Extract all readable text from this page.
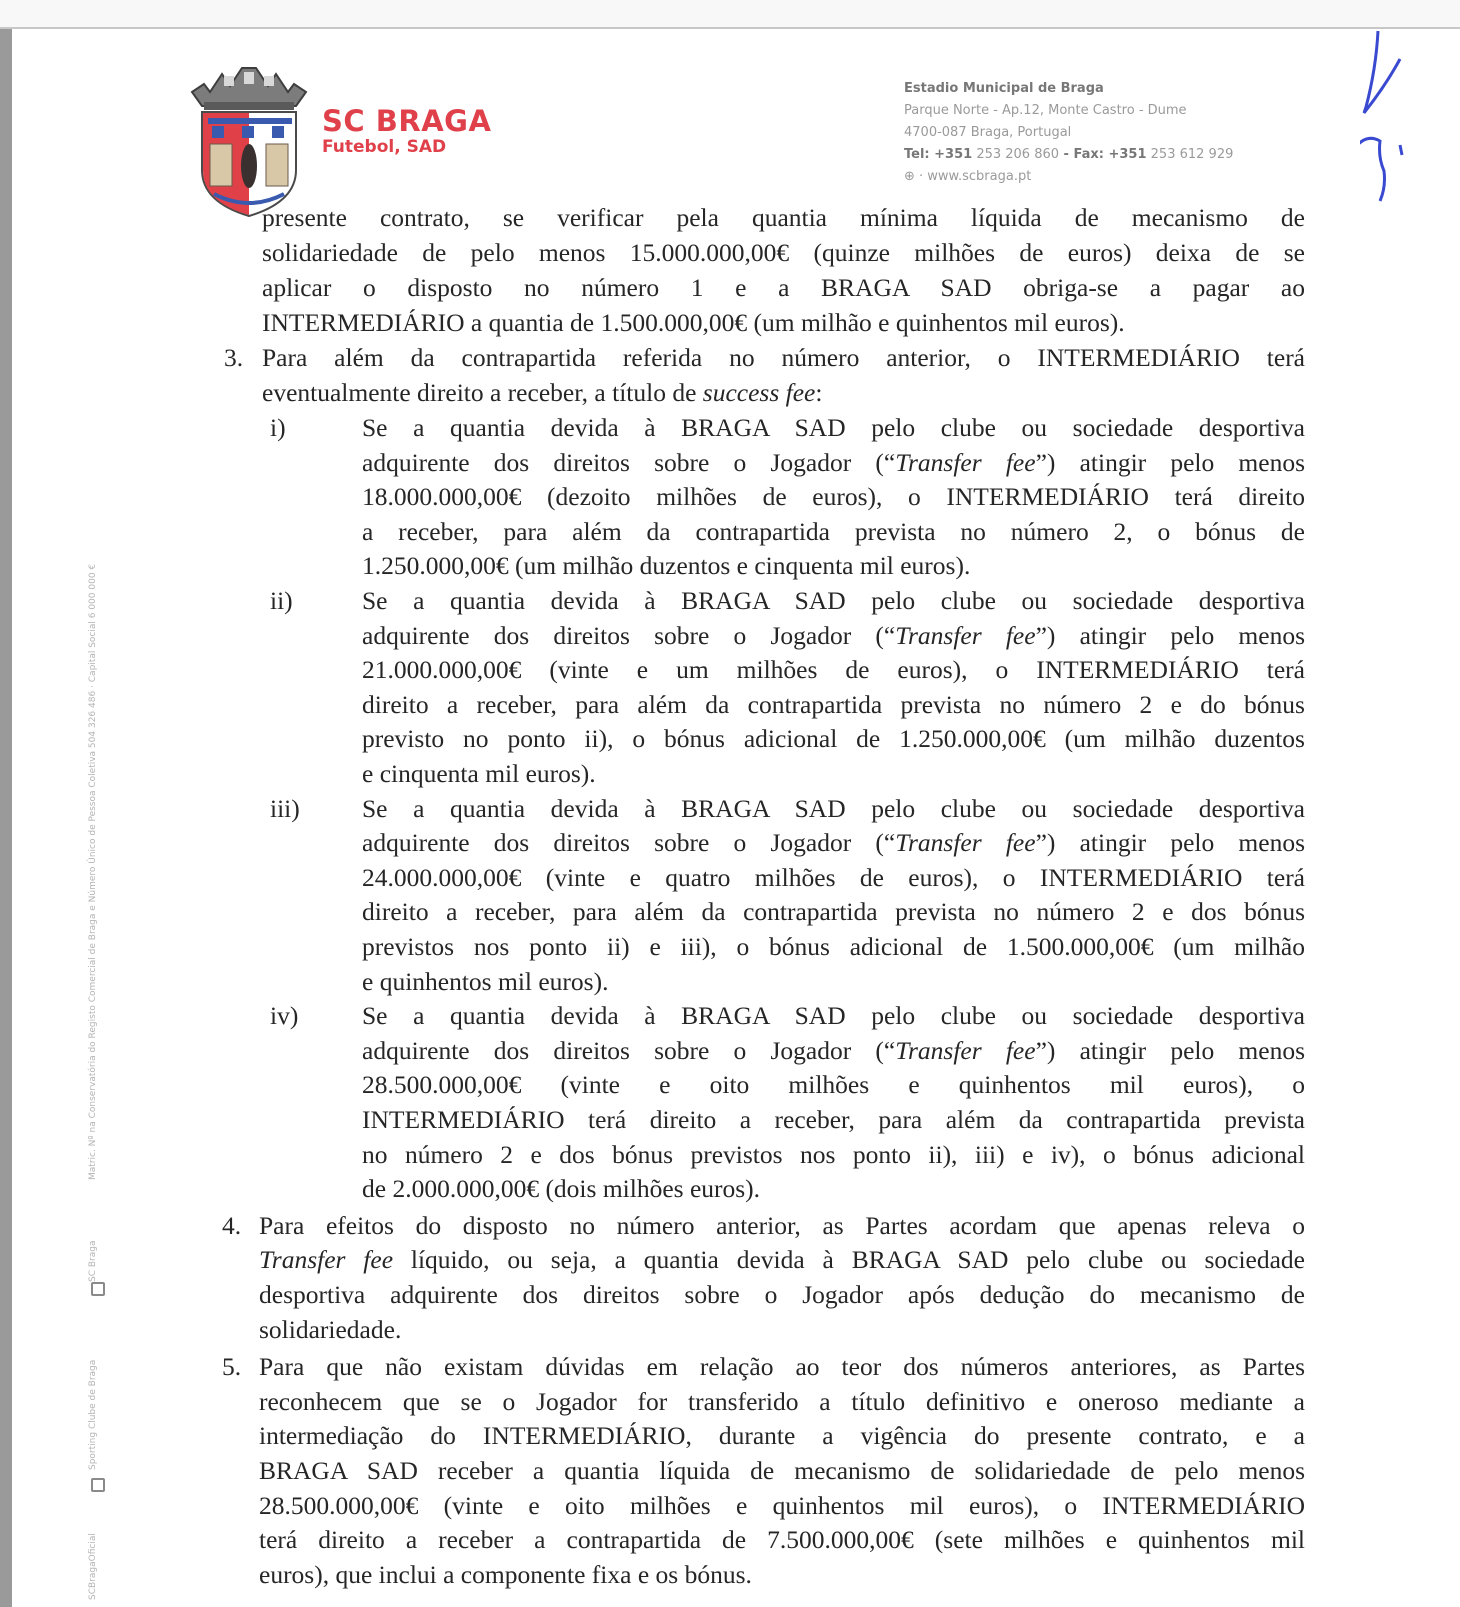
SC BRAGA
Futebol, SAD
Estadio Municipal de Braga
Parque Norte - Ap.12, Monte Castro - Dume
4700-087 Braga, Portugal
Tel: +351 253 206 860 - Fax: +351 253 612 929
⊕ · www.scbraga.pt
Matric. Nº na Conservatória do Registo Comercial de Braga e Número Único de Pessoa Coletiva 504 326 486 · Capital Social 6 000 000 €
SC Braga
Sporting Clube de Braga
SCBragaOficial
presente contrato, se verificar pela quantia mínima líquida de mecanismo de
solidariedade de pelo menos 15.000.000,00€ (quinze milhões de euros) deixa de se
aplicar o disposto no número 1 e a BRAGA SAD obriga-se a pagar ao
INTERMEDIÁRIO a quantia de 1.500.000,00€ (um milhão e quinhentos mil euros).
3. Para além da contrapartida referida no número anterior, o INTERMEDIÁRIO terá
eventualmente direito a receber, a título de success fee:
i)	Se a quantia devida à BRAGA SAD pelo clube ou sociedade desportiva
adquirente dos direitos sobre o Jogador (“Transfer fee”) atingir pelo menos
18.000.000,00€ (dezoito milhões de euros), o INTERMEDIÁRIO terá direito
a receber, para além da contrapartida prevista no número 2, o bónus de
1.250.000,00€ (um milhão duzentos e cinquenta mil euros).
ii)	Se a quantia devida à BRAGA SAD pelo clube ou sociedade desportiva
adquirente dos direitos sobre o Jogador (“Transfer fee”) atingir pelo menos
21.000.000,00€ (vinte e um milhões de euros), o INTERMEDIÁRIO terá
direito a receber, para além da contrapartida prevista no número 2 e do bónus
previsto no ponto ii), o bónus adicional de 1.250.000,00€ (um milhão duzentos
e cinquenta mil euros).
iii) Se a quantia devida à BRAGA SAD pelo clube ou sociedade desportiva
adquirente dos direitos sobre o Jogador (“Transfer fee”) atingir pelo menos
24.000.000,00€ (vinte e quatro milhões de euros), o INTERMEDIÁRIO terá
direito a receber, para além da contrapartida prevista no número 2 e dos bónus
previstos nos ponto ii) e iii), o bónus adicional de 1.500.000,00€ (um milhão
e quinhentos mil euros).
iv) Se a quantia devida à BRAGA SAD pelo clube ou sociedade desportiva
adquirente dos direitos sobre o Jogador (“Transfer fee”) atingir pelo menos
28.500.000,00€ (vinte e oito milhões e quinhentos mil euros), o
INTERMEDIÁRIO terá direito a receber, para além da contrapartida prevista
no número 2 e dos bónus previstos nos ponto ii), iii) e iv), o bónus adicional
de 2.000.000,00€ (dois milhões euros).
4. Para efeitos do disposto no número anterior, as Partes acordam que apenas releva o
Transfer fee líquido, ou seja, a quantia devida à BRAGA SAD pelo clube ou sociedade
desportiva adquirente dos direitos sobre o Jogador após dedução do mecanismo de
solidariedade.
5. Para que não existam dúvidas em relação ao teor dos números anteriores, as Partes
reconhecem que se o Jogador for transferido a título definitivo e oneroso mediante a
intermediação do INTERMEDIÁRIO, durante a vigência do presente contrato, e a
BRAGA SAD receber a quantia líquida de mecanismo de solidariedade de pelo menos
28.500.000,00€ (vinte e oito milhões e quinhentos mil euros), o INTERMEDIÁRIO
terá direito a receber a contrapartida de 7.500.000,00€ (sete milhões e quinhentos mil
euros), que inclui a componente fixa e os bónus.
